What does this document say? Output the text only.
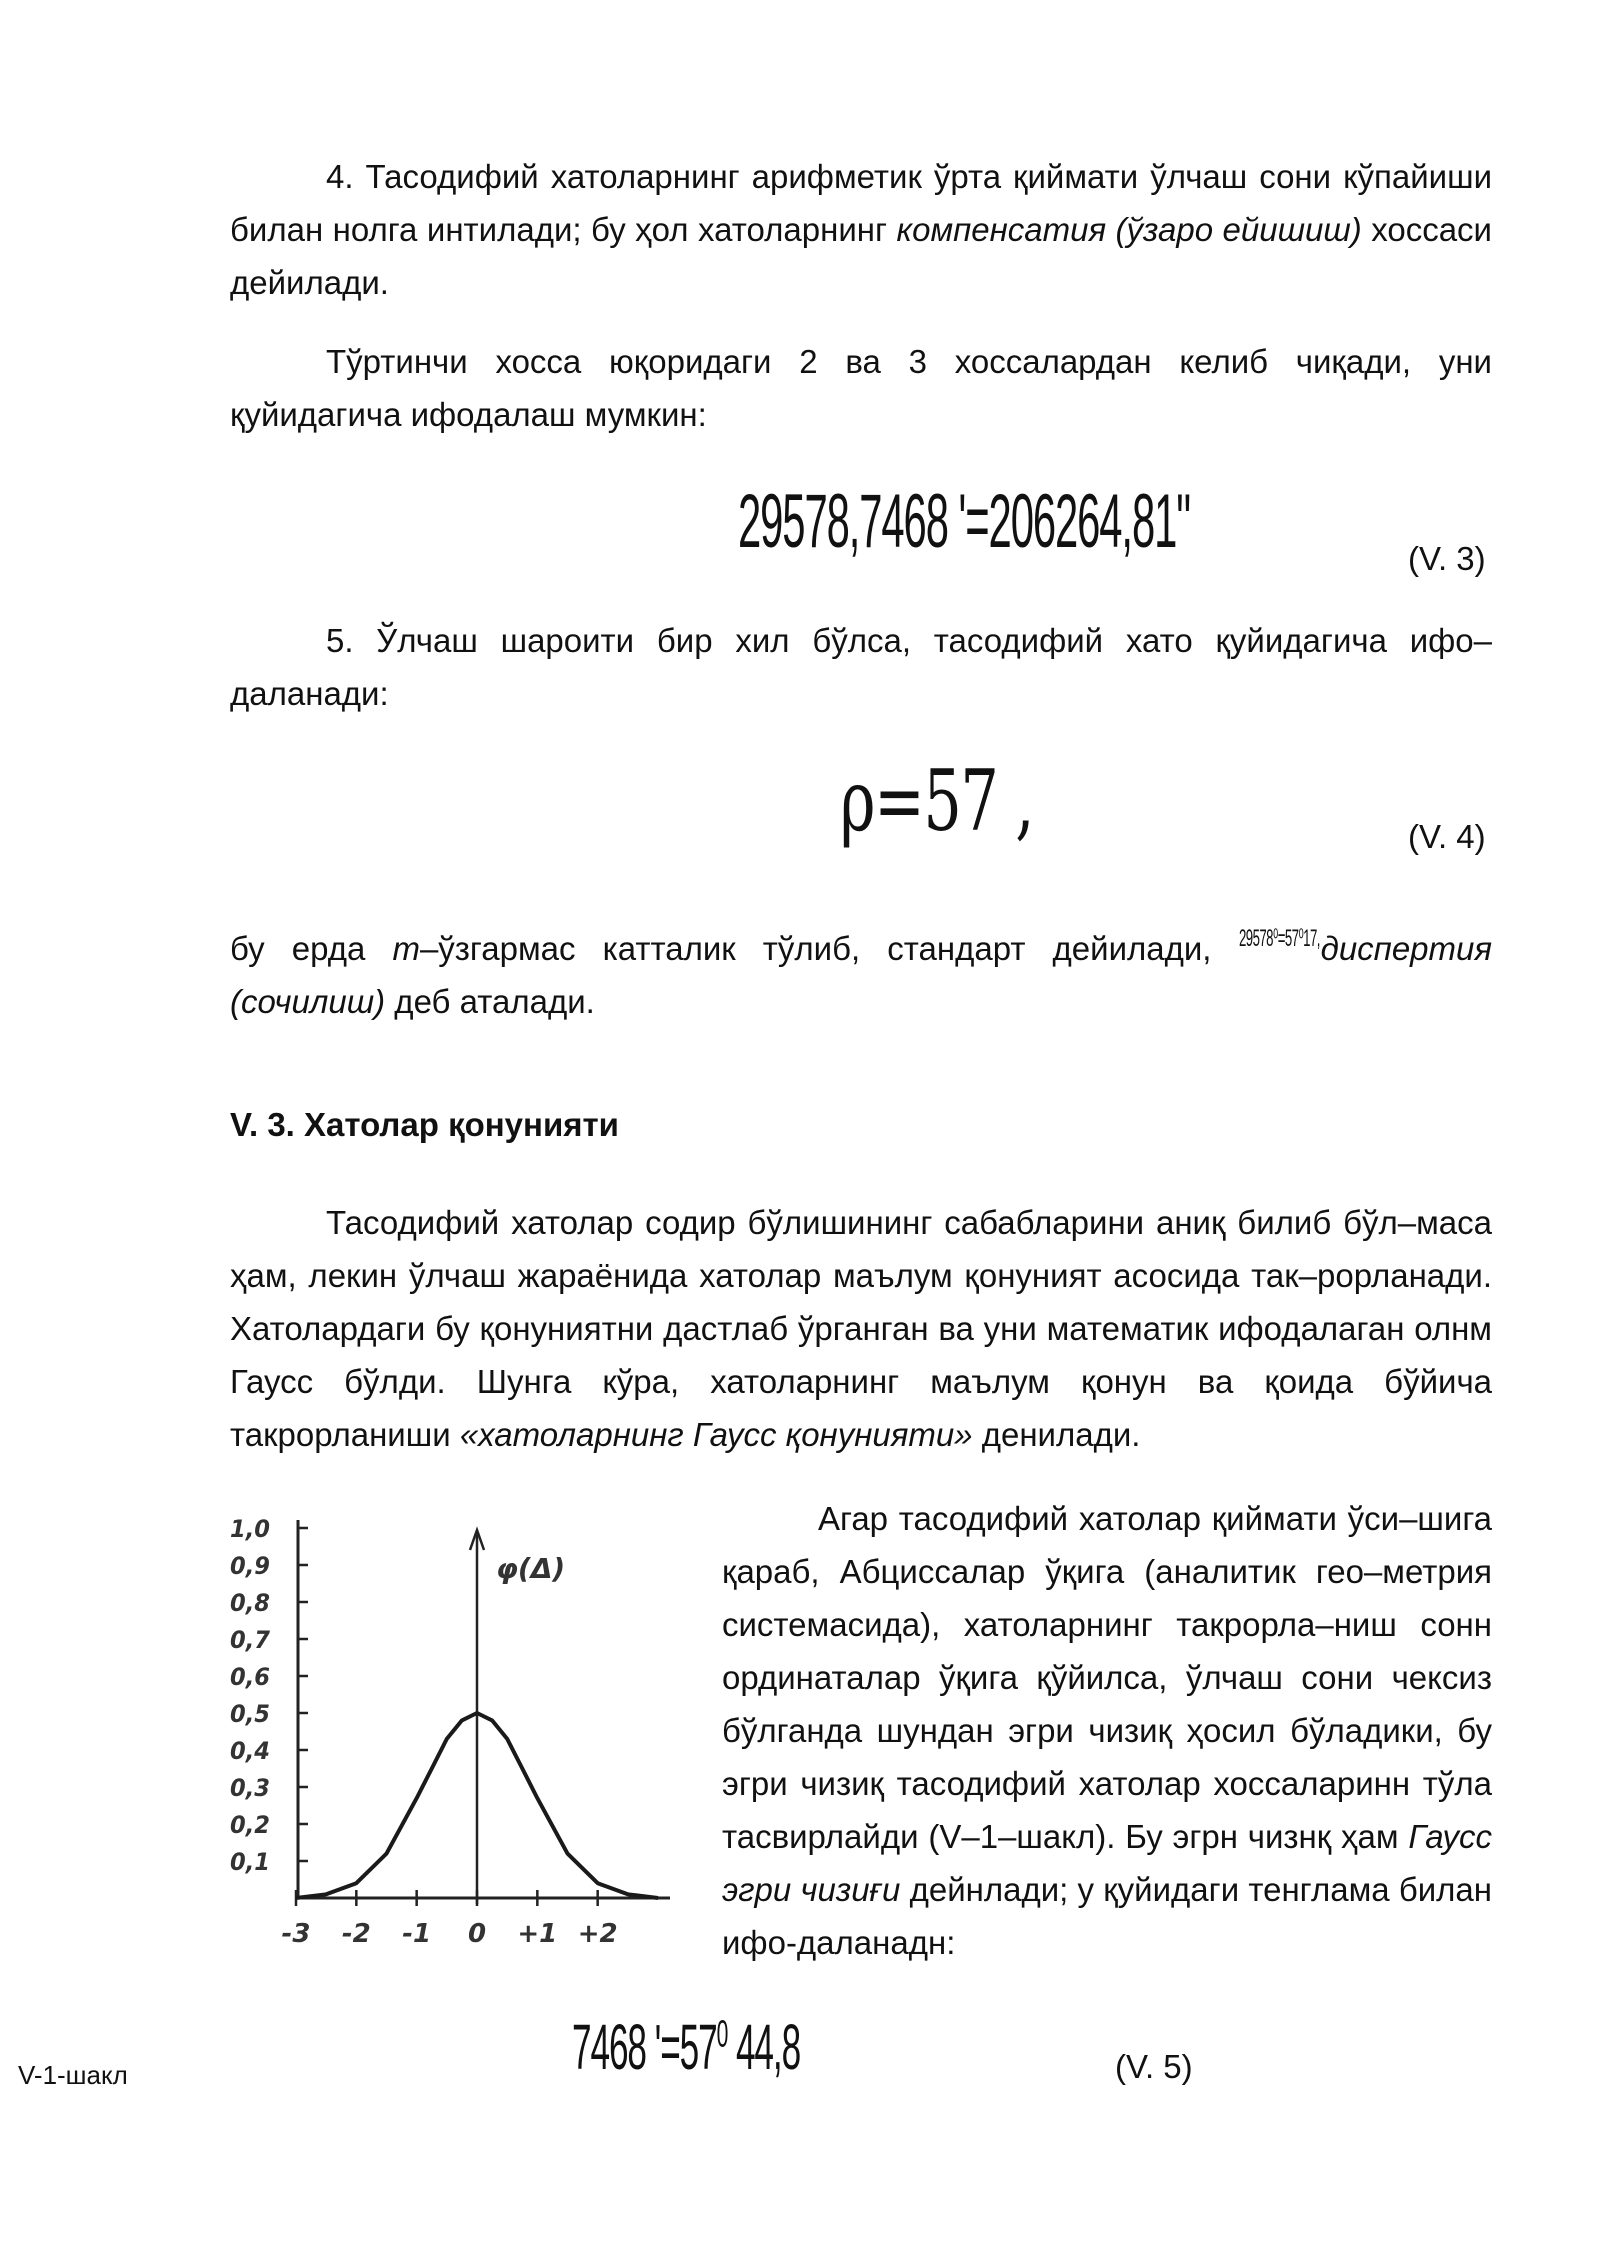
4. Тасодифий хатоларнинг арифметик ўрта қиймати ўлчаш сони кўпайиши билан нолга интилади; бу ҳол хатоларнинг компенсатия (ўзаро ейишиш) хоссаси дейилади.

Тўртинчи хосса юқоридаги 2 ва 3 хоссалардан келиб чиқади, уни қуйидагича ифодалаш мумкин:

29578,7468 '=206264,81"	(V. 3)

5. Ўлчаш шароити бир хил бўлса, тасодифий хато қуйидагича ифо–даланади:

ρ=57 ,	(V. 4)

бу ерда m–ўзгармас катталик тўлиб, стандарт дейилади, 29578⁰=57⁰17,диспертия (сочилиш) деб аталади.

V. 3. Хатолар қонунияти

Тасодифий хатолар содир бўлишининг сабабларини аниқ билиб бўл–маса ҳам, лекин ўлчаш жараёнида хатолар маълум қонуният асосида так–рорланади. Хатолардаги бу қонуниятни дастлаб ўрганган ва уни математик ифодалаган олнм Гаусс бўлди. Шунга кўра, хатоларнинг маълум қонун ва қоида бўйича такрорланиши «хатоларнинг Гаусс қонунияти» денилади.

0,1
0,2
0,3
0,4
0,5
0,6
0,7
0,8
0,9
1,0
-3 -2 -1 0 +1 +2
φ(Δ)

Агар тасодифий хатолар қиймати ўси–шига қараб, Абциссалар ўқига (аналитик гео–метрия системасида), хатоларнинг такрорла–ниш сонн ординаталар ўқига қўйилса, ўлчаш сони чексиз бўлганда шундан эгри чизиқ ҳосил бўладики, бу эгри чизиқ тасодифий хатолар хоссаларинн тўла тасвирлайди (V–1–шакл). Бу эгрн чизнқ ҳам Гаусс эгри чизиғи дейнлади; у қуйидаги тенглама билан ифо-даланадн:

7468 '$=57^0$ 44,8	(V. 5)
V-1-шакл
